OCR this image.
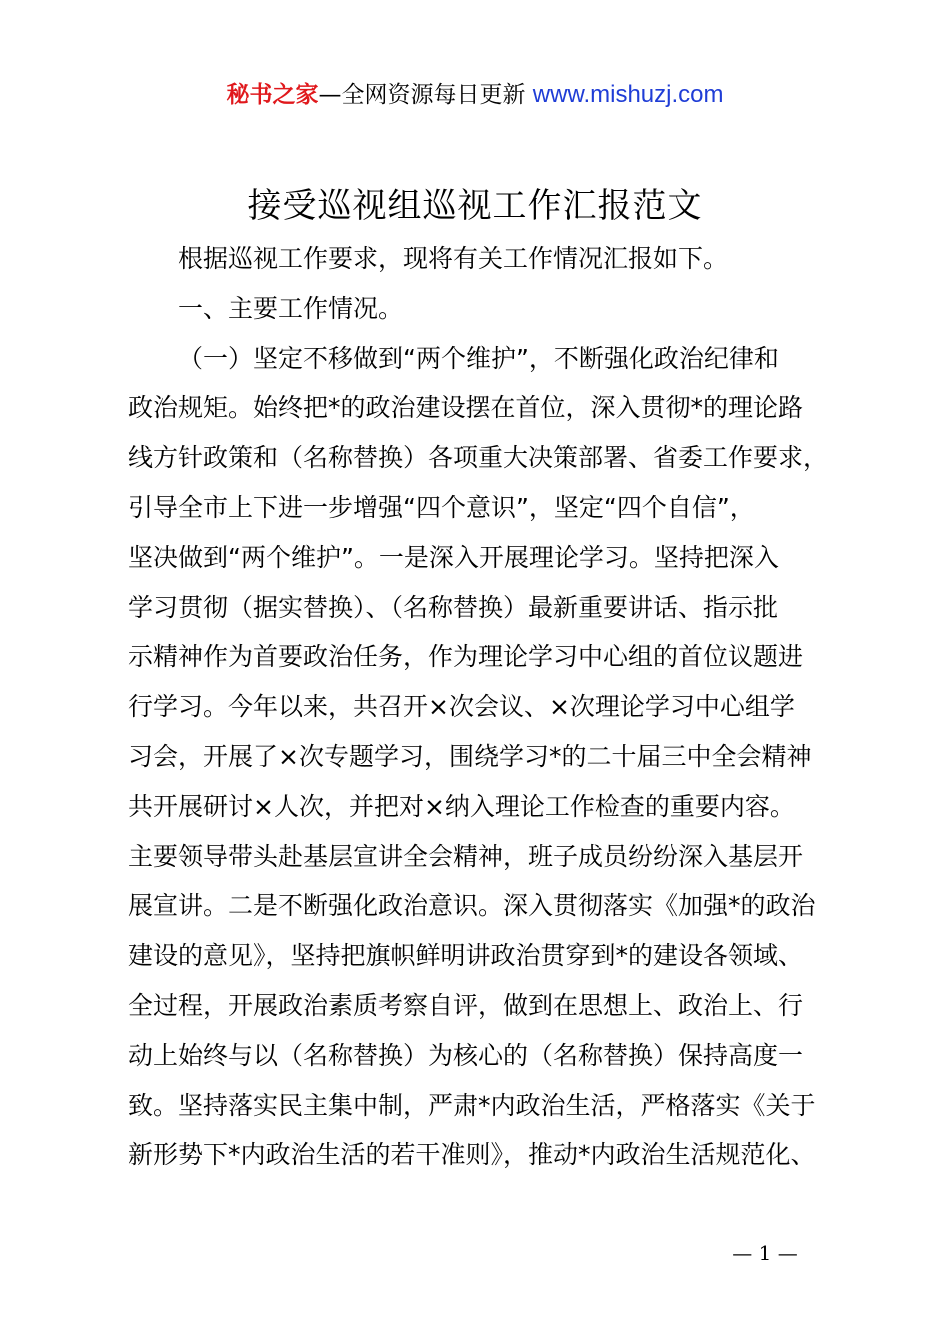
秘书之家—全网资源每日更新 www.mishuzj.com
接受巡视组巡视工作汇报范文

根据巡视工作要求，现将有关工作情况汇报如下。

一、主要工作情况。

（一）坚定不移做到“两个维护”，不断强化政治纪律和

政治规矩。始终把*的政治建设摆在首位，深入贯彻*的理论路

线方针政策和（名称替换）各项重大决策部署、省委工作要求，

引导全市上下进一步增强“四个意识”，坚定“四个自信”，

坚决做到“两个维护”。一是深入开展理论学习。坚持把深入

学习贯彻（据实替换）、（名称替换）最新重要讲话、指示批

示精神作为首要政治任务，作为理论学习中心组的首位议题进

行学习。今年以来，共召开×次会议、×次理论学习中心组学

习会，开展了×次专题学习，围绕学习*的二十届三中全会精神

共开展研讨×人次，并把对×纳入理论工作检查的重要内容。

主要领导带头赴基层宣讲全会精神，班子成员纷纷深入基层开

展宣讲。二是不断强化政治意识。深入贯彻落实《加强*的政治

建设的意见》，坚持把旗帜鲜明讲政治贯穿到*的建设各领域、

全过程，开展政治素质考察自评，做到在思想上、政治上、行

动上始终与以（名称替换）为核心的（名称替换）保持高度一

致。坚持落实民主集中制，严肃*内政治生活，严格落实《关于

新形势下*内政治生活的若干准则》，推动*内政治生活规范化、

— 1 —
